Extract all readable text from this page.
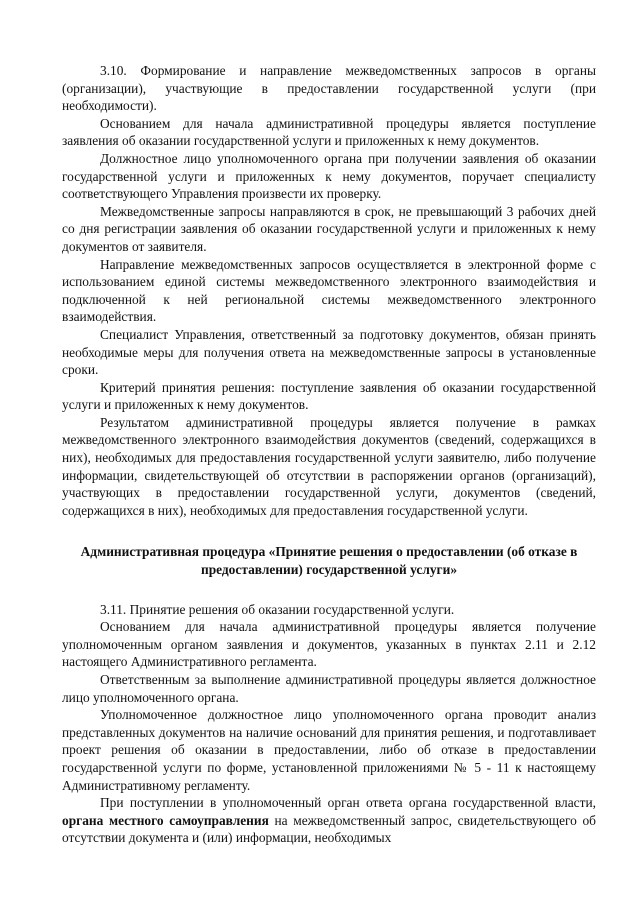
3.10. Формирование и направление межведомственных запросов в органы (организации), участвующие в предоставлении государственной услуги (при необходимости).

Основанием для начала административной процедуры является поступление заявления об оказании государственной услуги и приложенных к нему документов.

Должностное лицо уполномоченного органа при получении заявления об оказании государственной услуги и приложенных к нему документов, поручает специалисту соответствующего Управления произвести их проверку.

Межведомственные запросы направляются в срок, не превышающий 3 рабочих дней со дня регистрации заявления об оказании государственной услуги и приложенных к нему документов от заявителя.

Направление межведомственных запросов осуществляется в электронной форме с использованием единой системы межведомственного электронного взаимодействия и подключенной к ней региональной системы межведомственного электронного взаимодействия.

Специалист Управления, ответственный за подготовку документов, обязан принять необходимые меры для получения ответа на межведомственные запросы в установленные сроки.

Критерий принятия решения: поступление заявления об оказании государственной услуги и приложенных к нему документов.

Результатом административной процедуры является получение в рамках межведомственного электронного взаимодействия документов (сведений, содержащихся в них), необходимых для предоставления государственной услуги заявителю, либо получение информации, свидетельствующей об отсутствии в распоряжении органов (организаций), участвующих в предоставлении государственной услуги, документов (сведений, содержащихся в них), необходимых для предоставления государственной услуги.

Административная процедура «Принятие решения о предоставлении (об отказе в предоставлении) государственной услуги»

3.11. Принятие решения об оказании государственной услуги.

Основанием для начала административной процедуры является получение уполномоченным органом заявления и документов, указанных в пунктах 2.11 и 2.12 настоящего Административного регламента.

Ответственным за выполнение административной процедуры является должностное лицо уполномоченного органа.

Уполномоченное должностное лицо уполномоченного органа проводит анализ представленных документов на наличие оснований для принятия решения, и подготавливает проект решения об оказании в предоставлении, либо об отказе в предоставлении государственной услуги по форме, установленной приложениями № 5 - 11 к настоящему Административному регламенту.

При поступлении в уполномоченный орган ответа органа государственной власти, органа местного самоуправления на межведомственный запрос, свидетельствующего об отсутствии документа и (или) информации, необходимых
